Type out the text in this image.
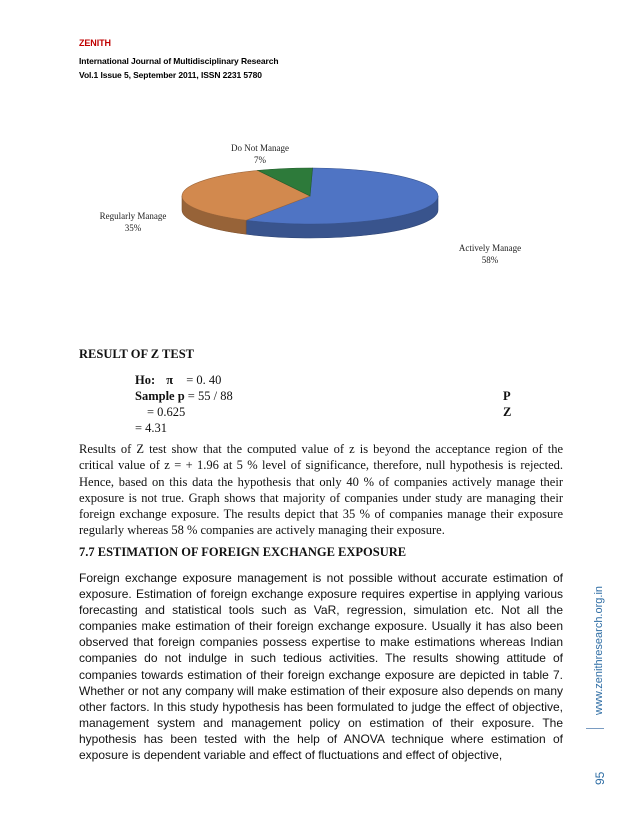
ZENITH
International Journal of Multidisciplinary Research
Vol.1 Issue 5, September 2011, ISSN 2231 5780
Do Not Manage
7%
Regularly Manage
35%
Actively Manage
58%
RESULT OF Z TEST
Ho: π = 0. 40
Sample p = 55 / 88
= 0.625
= 4.31
P
Z
Results of Z test show that the computed value of z is beyond the acceptance region of the critical value of z = + 1.96 at 5 % level of significance, therefore, null hypothesis is rejected. Hence, based on this data the hypothesis that only 40 % of companies actively manage their exposure is not true. Graph shows that majority of companies under study are managing their foreign exchange exposure. The results depict that 35 % of companies manage their exposure regularly whereas 58 % companies are actively managing their exposure.
7.7 ESTIMATION OF FOREIGN EXCHANGE EXPOSURE
Foreign exchange exposure management is not possible without accurate estimation of exposure. Estimation of foreign exchange exposure requires expertise in applying various forecasting and statistical tools such as VaR, regression, simulation etc. Not all the companies make estimation of their foreign exchange exposure. Usually it has also been observed that foreign companies possess expertise to make estimations whereas Indian companies do not indulge in such tedious activities. The results showing attitude of companies towards estimation of their foreign exchange exposure are depicted in table 7. Whether or not any company will make estimation of their exposure also depends on many other factors. In this study hypothesis has been formulated to judge the effect of objective, management system and management policy on estimation of their exposure. The hypothesis has been tested with the help of ANOVA technique where estimation of exposure is dependent variable and effect of fluctuations and effect of objective,
www.zenithresearch.org.in
95
